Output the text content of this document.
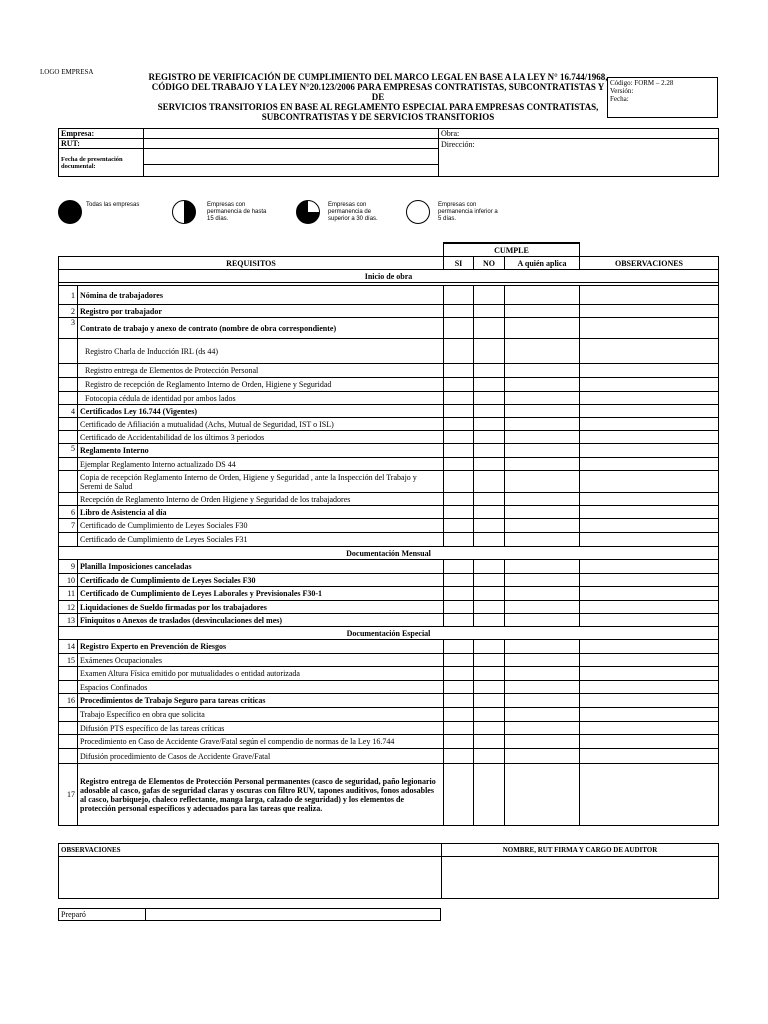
LOGO EMPRESA	REGISTRO DE VERIFICACIÓN DE CUMPLIMIENTO DEL MARCO LEGAL EN BASE A LA LEY N° 16.744/1968,
CÓDIGO DEL TRABAJO Y LA LEY N°20.123/2006 PARA EMPRESAS CONTRATISTAS, SUBCONTRATISTAS Y DE
SERVICIOS TRANSITORIOS EN BASE AL REGLAMENTO ESPECIAL PARA EMPRESAS CONTRATISTAS,
SUBCONTRATISTAS Y DE SERVICIOS TRANSITORIOS
Código: FORM – 2.28
Versión:
Fecha:
Empresa:		Obra:
RUT:		Dirección:
Fecha de presentación documental:		

Todas las empresas	Empresas con permanencia de hasta 15 días.
Empresas con permanencia de superior a 30 días.
Empresas con permanencia inferior a 5 días.
		CUMPLE			
REQUISITOS		SI	NO	A quién aplica	OBSERVACIONES
Inicio de obra					

1	Nómina de trabajadores				
2	Registro por trabajador				
3	Contrato de trabajo y anexo de contrato (nombre de obra correspondiente)				
	Registro Charla de Inducción IRL (ds 44)				
	Registro entrega de Elementos de Protección Personal				
	Registro de recepción de Reglamento Interno de Orden, Higiene y Seguridad				
	Fotocopia cédula de identidad por ambos lados				
4	Certificados Ley 16.744 (Vigentes)				
	Certificado de Afiliación a mutualidad (Achs, Mutual de Seguridad, IST o ISL)				
	Certificado de Accidentabilidad de los últimos 3 periodos				
5	Reglamento Interno				
	Ejemplar Reglamento Interno actualizado DS 44				
	Copia de recepción Reglamento Interno de Orden, Higiene y Seguridad , ante la Inspección del Trabajo y Seremi de Salud				
	Recepción de Reglamento Interno de Orden Higiene y Seguridad de los trabajadores				
6	Libro de Asistencia al día				
7	Certificado de Cumplimiento de Leyes Sociales F30				
	Certificado de Cumplimiento de Leyes Sociales F31				
Documentación Mensual					
9	Planilla Imposiciones canceladas				
10	Certificado de Cumplimiento de Leyes Sociales F30				
11	Certificado de Cumplimiento de Leyes Laborales y Previsionales F30-1				
12	Liquidaciones de Sueldo firmadas por los trabajadores				
13	Finiquitos o Anexos de traslados (desvinculaciones del mes)				
Documentación Especial					
14	Registro Experto en Prevención de Riesgos				
15	Exámenes Ocupacionales				
	Examen Altura Física emitido por mutualidades o entidad autorizada				
	Espacios Confinados				
16	Procedimientos de Trabajo Seguro para tareas críticas				
	Trabajo Específico en obra que solicita				
	Difusión PTS específico de las tareas críticas				
	Procedimiento en Caso de Accidente Grave/Fatal según el compendio de normas de la Ley 16.744				
	Difusión procedimiento de Casos de Accidente Grave/Fatal				
17	Registro entrega de Elementos de Protección Personal permanentes (casco de seguridad, paño legionario adosable al casco, gafas de seguridad claras y oscuras con filtro RUV, tapones auditivos, fonos adosables al casco, barbiquejo, chaleco reflectante, manga larga, calzado de seguridad) y los elementos de protección personal específicos y adecuados para las tareas que realiza.				
OBSERVACIONES	NOMBRE, RUT FIRMA Y CARGO DE AUDITOR

Preparó	
